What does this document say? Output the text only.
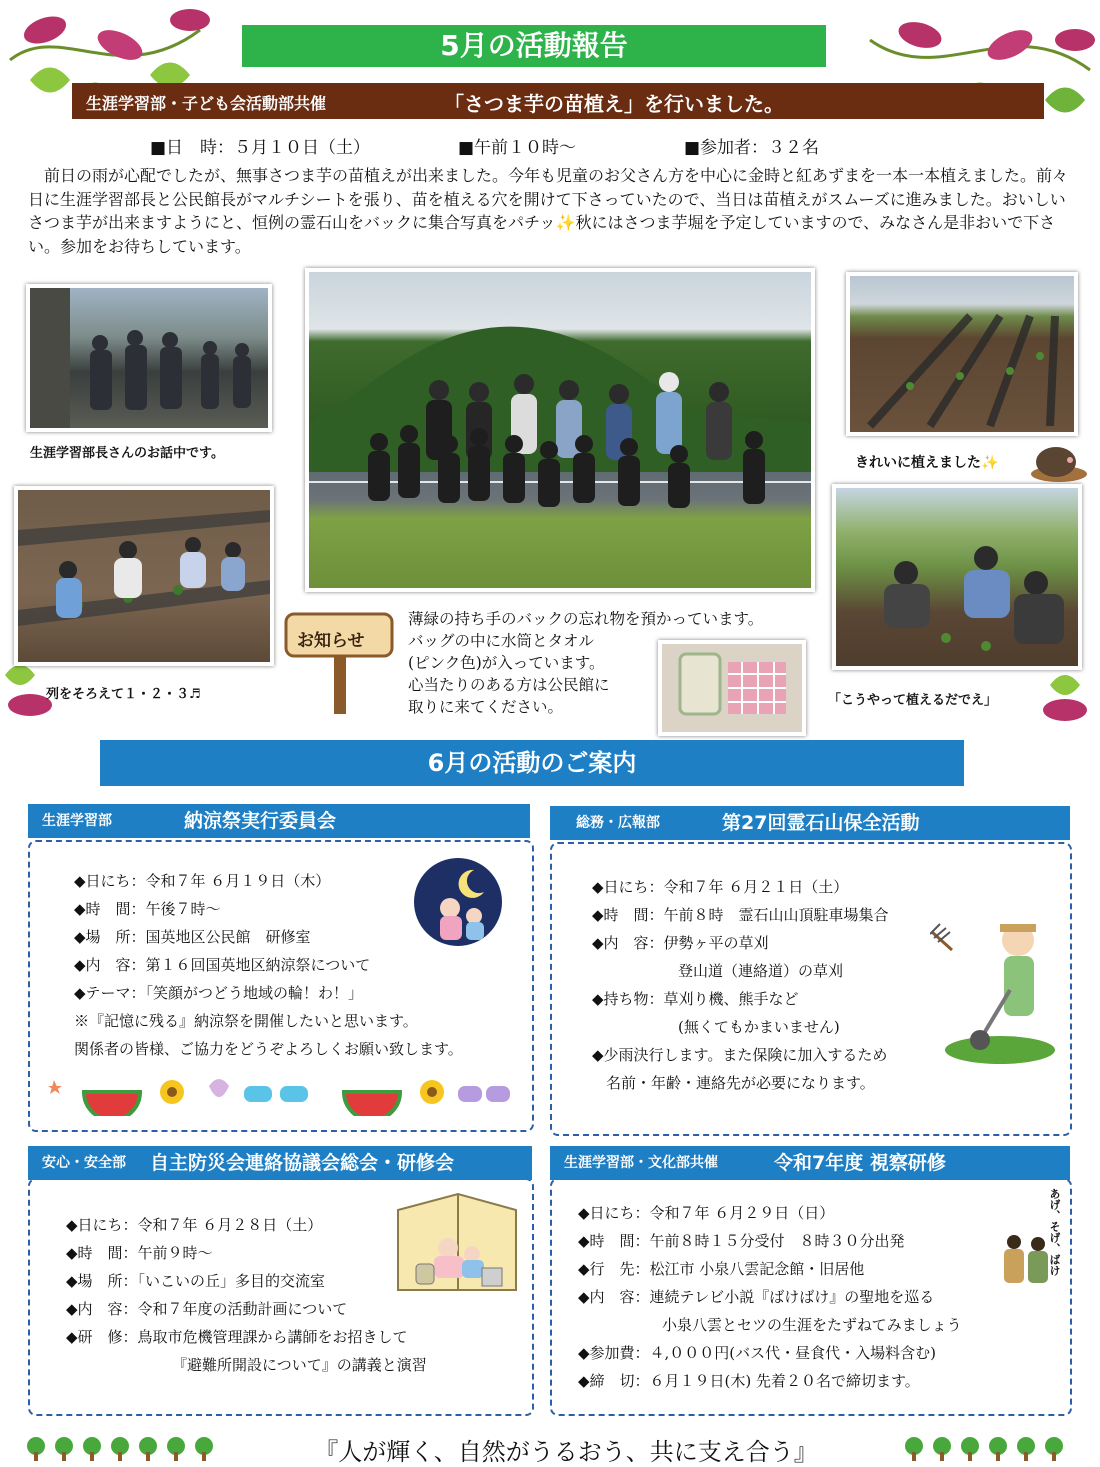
5月の活動報告
生涯学習部・子ども会活動部共催	「さつま芋の苗植え」を行いました。
■日　時：５月１０日（土）	■午前１０時～	■参加者：３２名
前日の雨が心配でしたが、無事さつま芋の苗植えが出来ました。今年も児童のお父さん方を中心に金時と紅あずまを一本一本植えました。前々日に生涯学習部長と公民館長がマルチシートを張り、苗を植える穴を開けて下さっていたので、当日は苗植えがスムーズに進みました。おいしいさつま芋が出来ますようにと、恒例の霊石山をバックに集合写真をパチッ✨秋にはさつま芋堀を予定していますので、みなさん是非おいで下さい。参加をお待ちしています。
生涯学習部長さんのお話中です。
列をそろえて１・２・３♬
きれいに植えました✨
「こうやって植えるだでえ」
お知らせ
薄緑の持ち手のバックの忘れ物を預かっています。
バッグの中に水筒とタオル
(ピンク色)が入っています。
心当たりのある方は公民館に
取りに来てください。
6月の活動のご案内
生涯学習部	納涼祭実行委員会
◆日にち：令和７年 ６月１９日（木）
◆時　間：午後７時～
◆場　所：国英地区公民館　研修室
◆内　容：第１６回国英地区納涼祭について
◆テーマ：「笑顔がつどう地域の輪！わ！」
※『記憶に残る』納涼祭を開催したいと思います。
関係者の皆様、ご協力をどうぞよろしくお願い致します。
総務・広報部	第27回霊石山保全活動
◆日にち：令和７年 ６月２１日（土）
◆時　間：午前８時　霊石山山頂駐車場集合
◆内　容：伊勢ヶ平の草刈
登山道（連絡道）の草刈
◆持ち物：草刈り機、熊手など
(無くてもかまいません)
◆少雨決行します。また保険に加入するため
名前・年齢・連絡先が必要になります。
安心・安全部 自主防災会連絡協議会総会・研修会
◆日にち：令和７年 ６月２８日（土）
◆時　間：午前９時～
◆場　所：「いこいの丘」多目的交流室
◆内　容：令和７年度の活動計画について
◆研　修：鳥取市危機管理課から講師をお招きして
『避難所開設について』の講義と演習
生涯学習部・文化部共催	令和7年度 視察研修
◆日にち：令和７年 ６月２９日（日）
◆時　間：午前８時１５分受付　８時３０分出発
◆行　先：松江市 小泉八雲記念館・旧居他
◆内　容：連続テレビ小説『ばけばけ』の聖地を巡る
小泉八雲とセツの生涯をたずねてみましょう
◆参加費：４,０００円(バス代・昼食代・入場料含む)
◆締　切：６月１９日(木) 先着２０名で締切ます。
あげ、そげ、ばけ
『人が輝く、自然がうるおう、共に支え合う』
